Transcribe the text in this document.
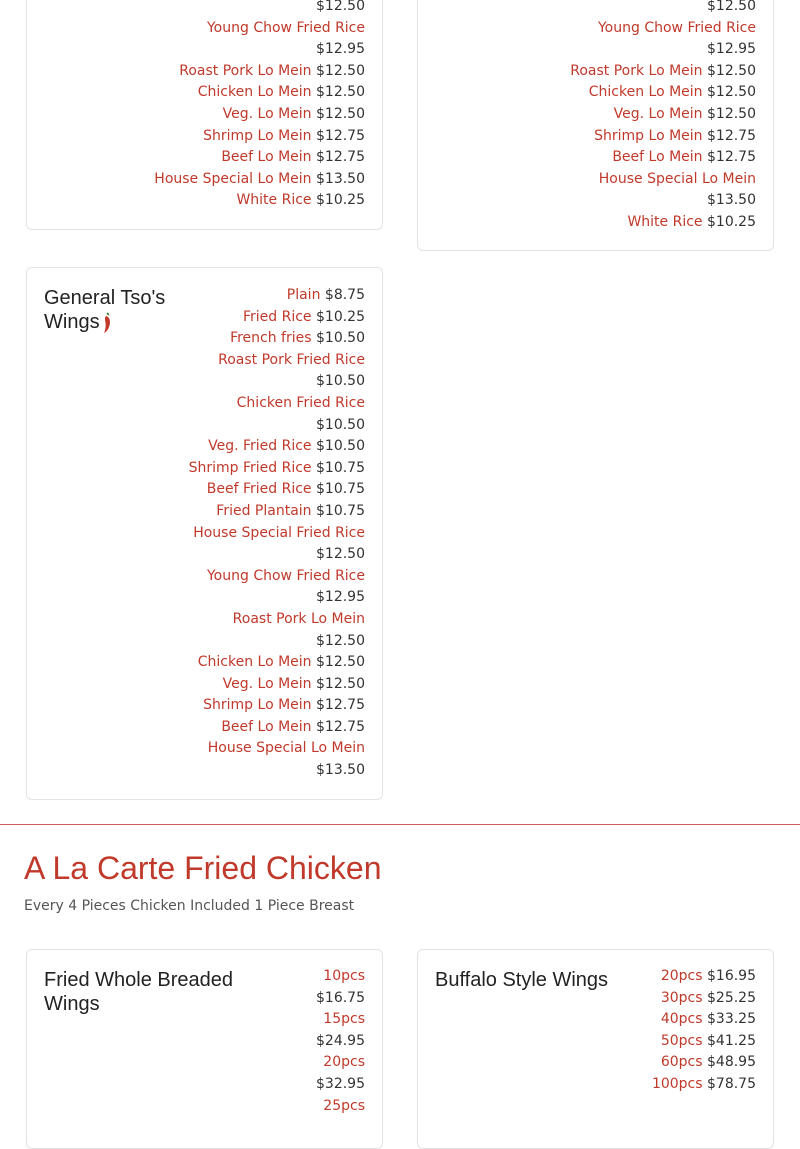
$12.50
Young Chow Fried Rice
$12.95
Roast Pork Lo Mein $12.50
Chicken Lo Mein $12.50
Veg. Lo Mein $12.50
Shrimp Lo Mein $12.75
Beef Lo Mein $12.75
House Special Lo Mein $13.50
White Rice $10.25
$12.50
Young Chow Fried Rice
$12.95
Roast Pork Lo Mein $12.50
Chicken Lo Mein $12.50
Veg. Lo Mein $12.50
Shrimp Lo Mein $12.75
Beef Lo Mein $12.75
House Special Lo Mein
$13.50
White Rice $10.25
General Tso's Wings
Plain $8.75
Fried Rice $10.25
French fries $10.50
Roast Pork Fried Rice
$10.50
Chicken Fried Rice
$10.50
Veg. Fried Rice $10.50
Shrimp Fried Rice $10.75
Beef Fried Rice $10.75
Fried Plantain $10.75
House Special Fried Rice
$12.50
Young Chow Fried Rice
$12.95
Roast Pork Lo Mein
$12.50
Chicken Lo Mein $12.50
Veg. Lo Mein $12.50
Shrimp Lo Mein $12.75
Beef Lo Mein $12.75
House Special Lo Mein
$13.50
A La Carte Fried Chicken
Every 4 Pieces Chicken Included 1 Piece Breast
Fried Whole Breaded Wings
10pcs
$16.75
15pcs
$24.95
20pcs
$32.95
25pcs
Buffalo Style Wings	20pcs $16.95
30pcs $25.25
40pcs $33.25
50pcs $41.25
60pcs $48.95
100pcs $78.75
